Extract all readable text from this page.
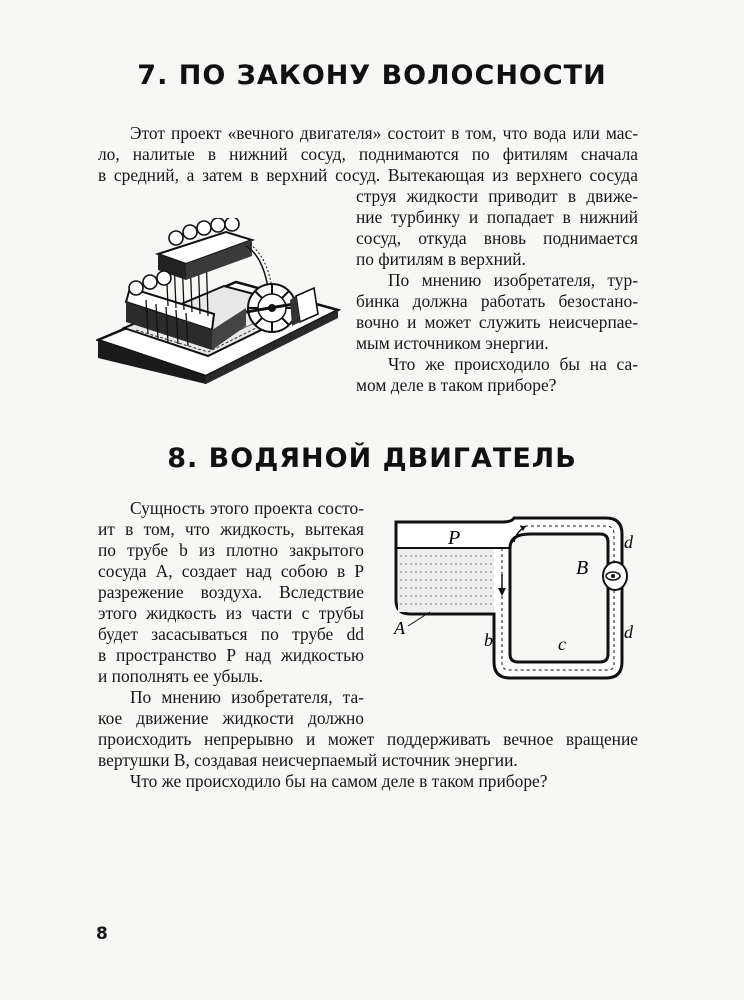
7. ПО ЗАКОНУ ВОЛОСНОСТИ
Этот проект «вечного двигателя» состоит в том, что вода или мас-
ло, налитые в нижний сосуд, поднимаются по фитилям сначала
в средний, а затем в верхний сосуд. Вытекающая из верхнего сосуда
струя жидкости приводит в движе-
ние турбинку и попадает в нижний
сосуд, откуда вновь поднимается
по фитилям в верхний.
По мнению изобретателя, тур-
бинка должна работать безостано-
вочно и может служить неисчерпае-
мым источником энергии.
Что же происходило бы на са-
мом деле в таком приборе?
8. ВОДЯНОЙ ДВИГАТЕЛЬ
Сущность этого проекта состо-
ит в том, что жидкость, вытекая
по трубе b из плотно закрытого
сосуда A, создает над собою в P
разрежение воздуха. Вследствие
этого жидкость из части c трубы
будет засасываться по трубе dd
в пространство P над жидкостью
и пополнять ее убыль.
По мнению изобретателя, та-
кое движение жидкости должно
происходить непрерывно и может поддерживать вечное вращение
вертушки B, создавая неисчерпаемый источник энергии.
Что же происходило бы на самом деле в таком приборе?
P
A
B
b	c
d
d
8
